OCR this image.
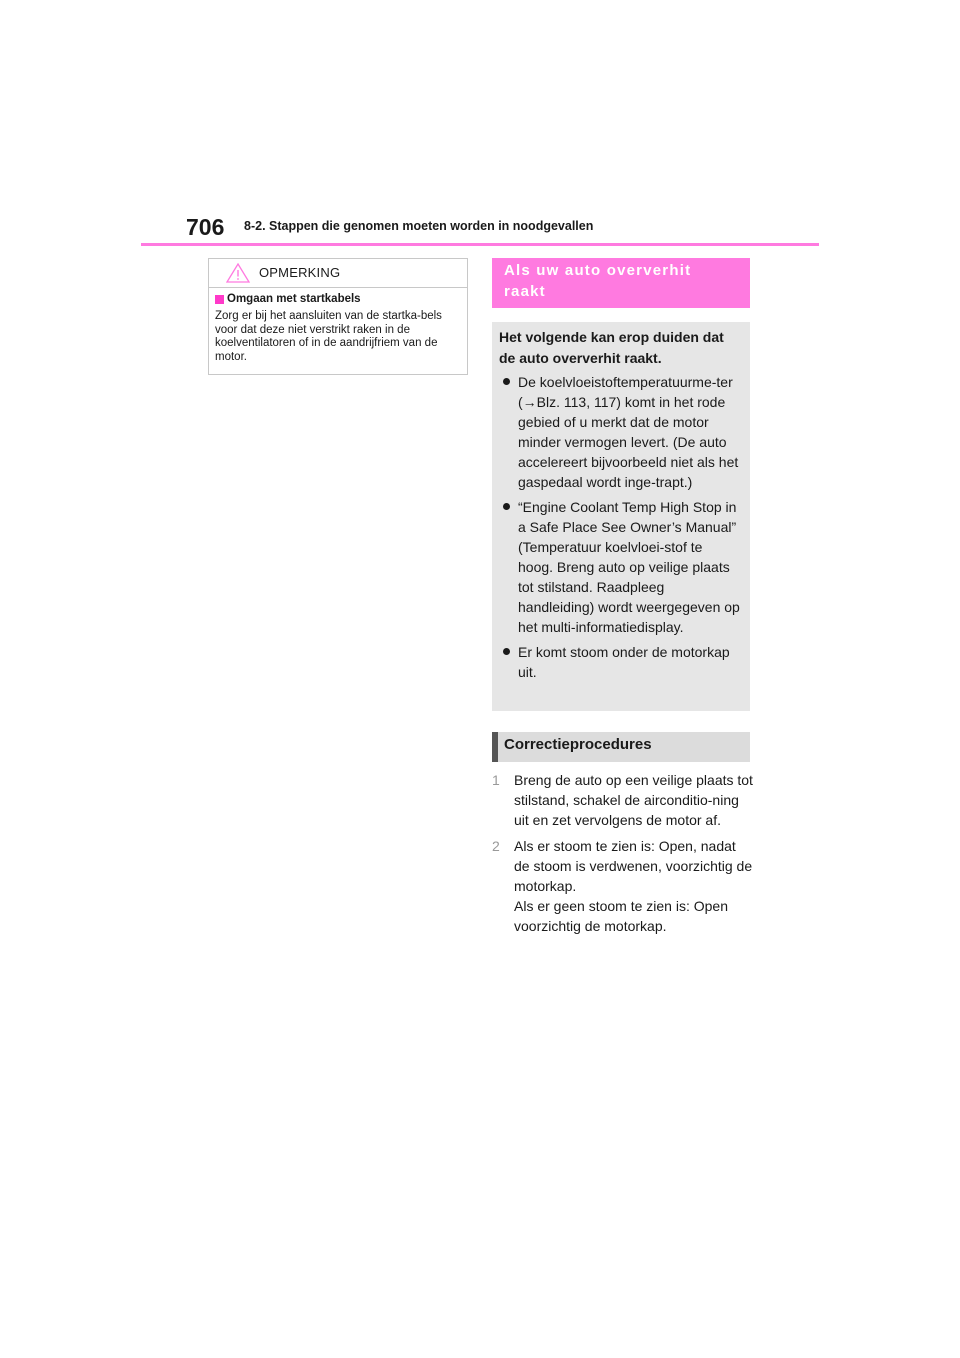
706 8-2. Stappen die genomen moeten worden in noodgevallen
OPMERKING
Omgaan met startkabels
Zorg er bij het aansluiten van de startka-bels voor dat deze niet verstrikt raken in de koelventilatoren of in de aandrijfriem van de motor.
Als uw auto oververhit raakt
Het volgende kan erop duiden dat de auto oververhit raakt.
De koelvloeistoftemperatuurme-ter (→Blz. 113, 117) komt in het rode gebied of u merkt dat de motor minder vermogen levert. (De auto accelereert bijvoorbeeld niet als het gaspedaal wordt inge-trapt.)
“Engine Coolant Temp High Stop in a Safe Place See Owner’s Manual” (Temperatuur koelvloei-stof te hoog. Breng auto op veilige plaats tot stilstand. Raadpleeg handleiding) wordt weergegeven op het multi-informatiedisplay.
Er komt stoom onder de motorkap uit.
Correctieprocedures
1 Breng de auto op een veilige plaats tot stilstand, schakel de airconditio-ning uit en zet vervolgens de motor af.
2 Als er stoom te zien is: Open, nadat de stoom is verdwenen, voorzichtig de motorkap.
Als er geen stoom te zien is: Open voorzichtig de motorkap.
